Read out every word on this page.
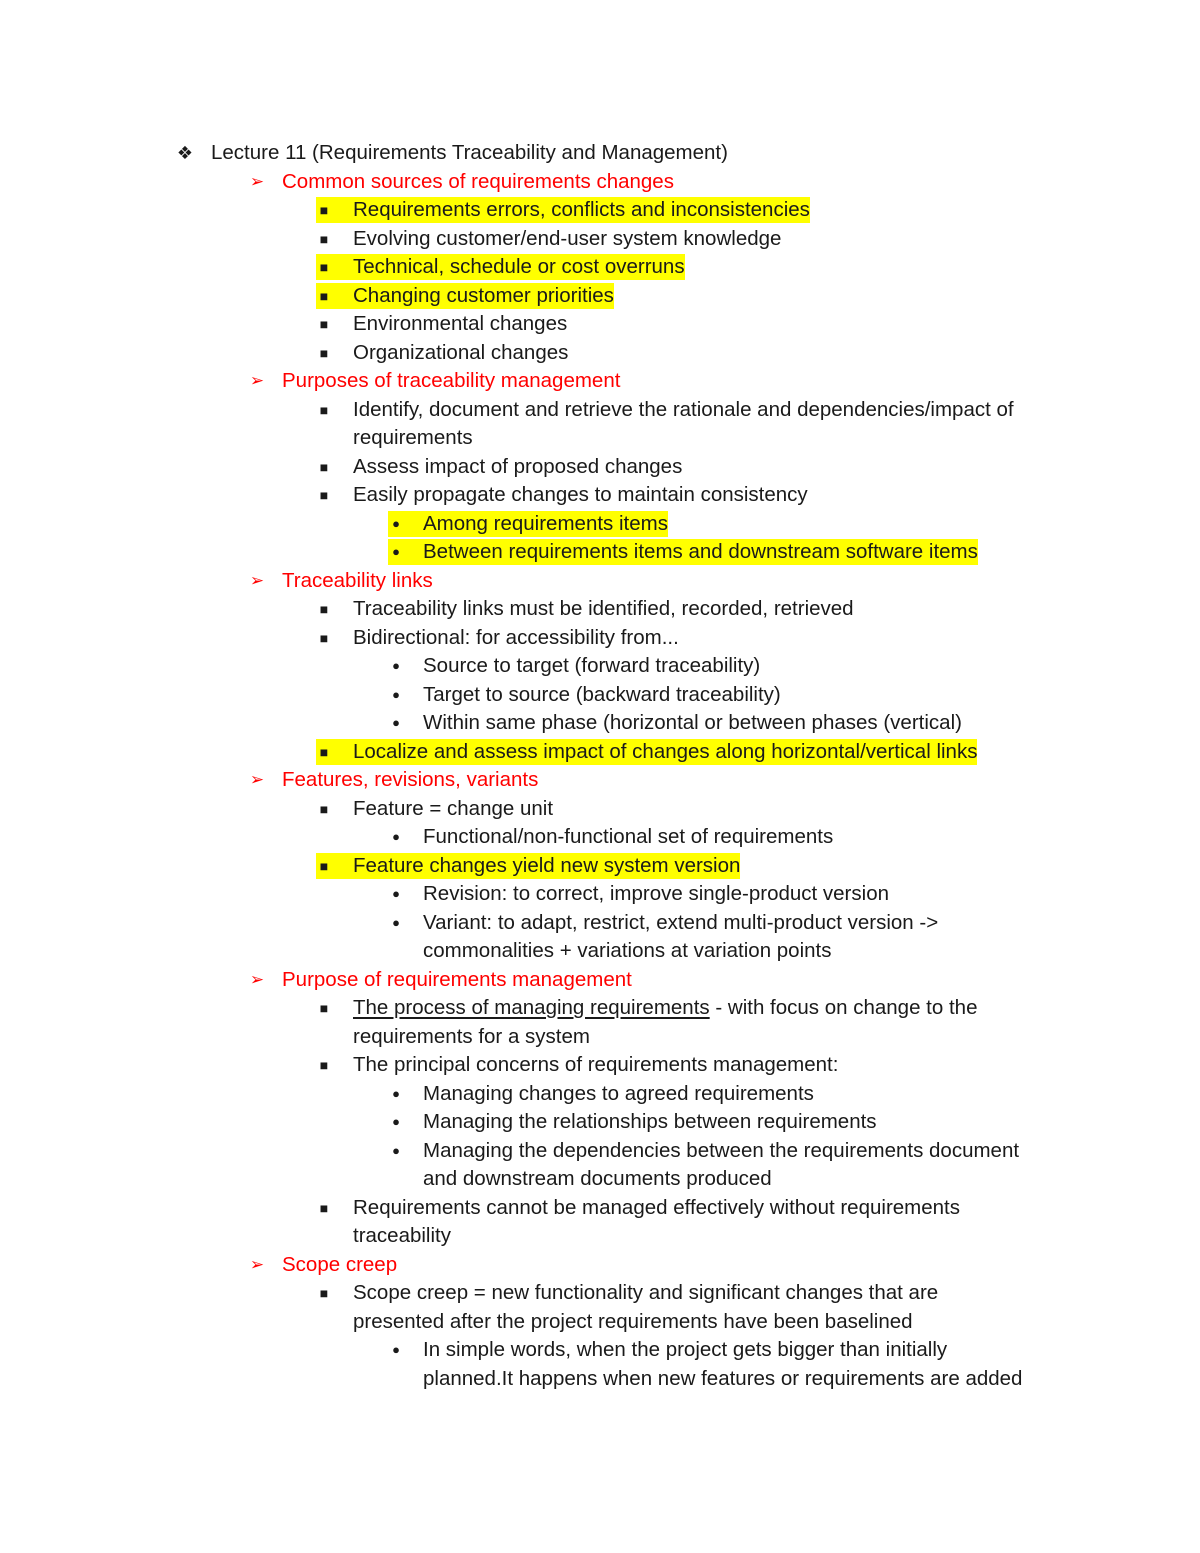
❖ Lecture 11 (Requirements Traceability and Management)
➢ Common sources of requirements changes
■	Requirements errors, conflicts and inconsistencies
■	Evolving customer/end-user system knowledge
■	Technical, schedule or cost overruns
■	Changing customer priorities
■	Environmental changes
■	Organizational changes
➢ Purposes of traceability management
■	Identify, document and retrieve the rationale and dependencies/impact of
requirements
■	Assess impact of proposed changes
■	Easily propagate changes to maintain consistency
●	Among requirements items
●	Between requirements items and downstream software items
➢ Traceability links
■	Traceability links must be identified, recorded, retrieved
■	Bidirectional: for accessibility from...
●	Source to target (forward traceability)
●	Target to source (backward traceability)
●	Within same phase (horizontal or between phases (vertical)
■	Localize and assess impact of changes along horizontal/vertical links
➢ Features, revisions, variants
■	Feature = change unit
●	Functional/non-functional set of requirements
■	Feature changes yield new system version
●	Revision: to correct, improve single-product version
●	Variant: to adapt, restrict, extend multi-product version ->
commonalities + variations at variation points
➢ Purpose of requirements management
■	The process of managing requirements - with focus on change to the
requirements for a system
■	The principal concerns of requirements management:
●	Managing changes to agreed requirements
●	Managing the relationships between requirements
●	Managing the dependencies between the requirements document
and downstream documents produced
■	Requirements cannot be managed effectively without requirements
traceability
➢ Scope creep
■	Scope creep = new functionality and significant changes that are
presented after the project requirements have been baselined
●	In simple words, when the project gets bigger than initially
planned.It happens when new features or requirements are added
